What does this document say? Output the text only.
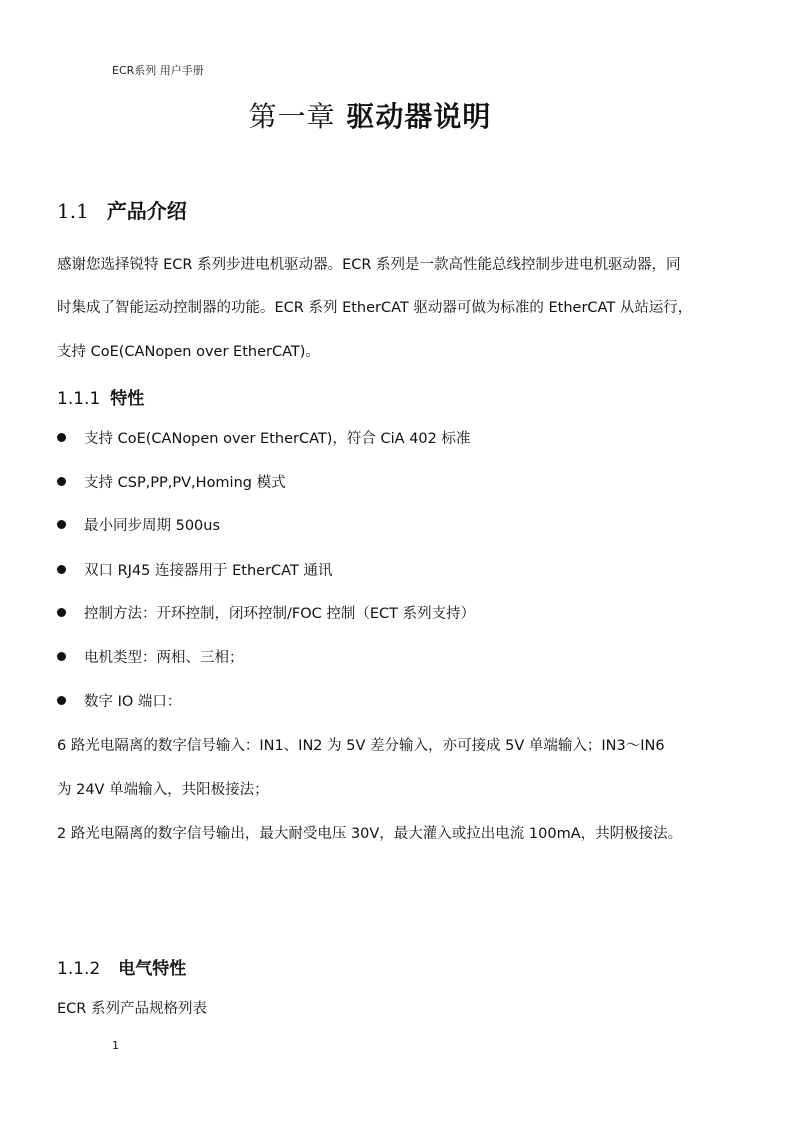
ECR系列 用户手册
第一章 驱动器说明
1.1 产品介绍
感谢您选择锐特 ECR 系列步进电机驱动器。ECR 系列是一款高性能总线控制步进电机驱动器，同
时集成了智能运动控制器的功能。ECR 系列 EtherCAT 驱动器可做为标准的 EtherCAT 从站运行，
支持 CoE(CANopen over EtherCAT)。
1.1.1 特性
支持 CoE(CANopen over EtherCAT)，符合 CiA 402 标准
支持 CSP,PP,PV,Homing 模式
最小同步周期 500us
双口 RJ45 连接器用于 EtherCAT 通讯
控制方法：开环控制，闭环控制/FOC 控制（ECT 系列支持）
电机类型：两相、三相；
数字 IO 端口：
6 路光电隔离的数字信号输入：IN1、IN2 为 5V 差分输入，亦可接成 5V 单端输入；IN3～IN6
为 24V 单端输入，共阳极接法；
2 路光电隔离的数字信号输出，最大耐受电压 30V，最大灌入或拉出电流 100mA，共阴极接法。
1.1.2 电气特性
ECR 系列产品规格列表
1
